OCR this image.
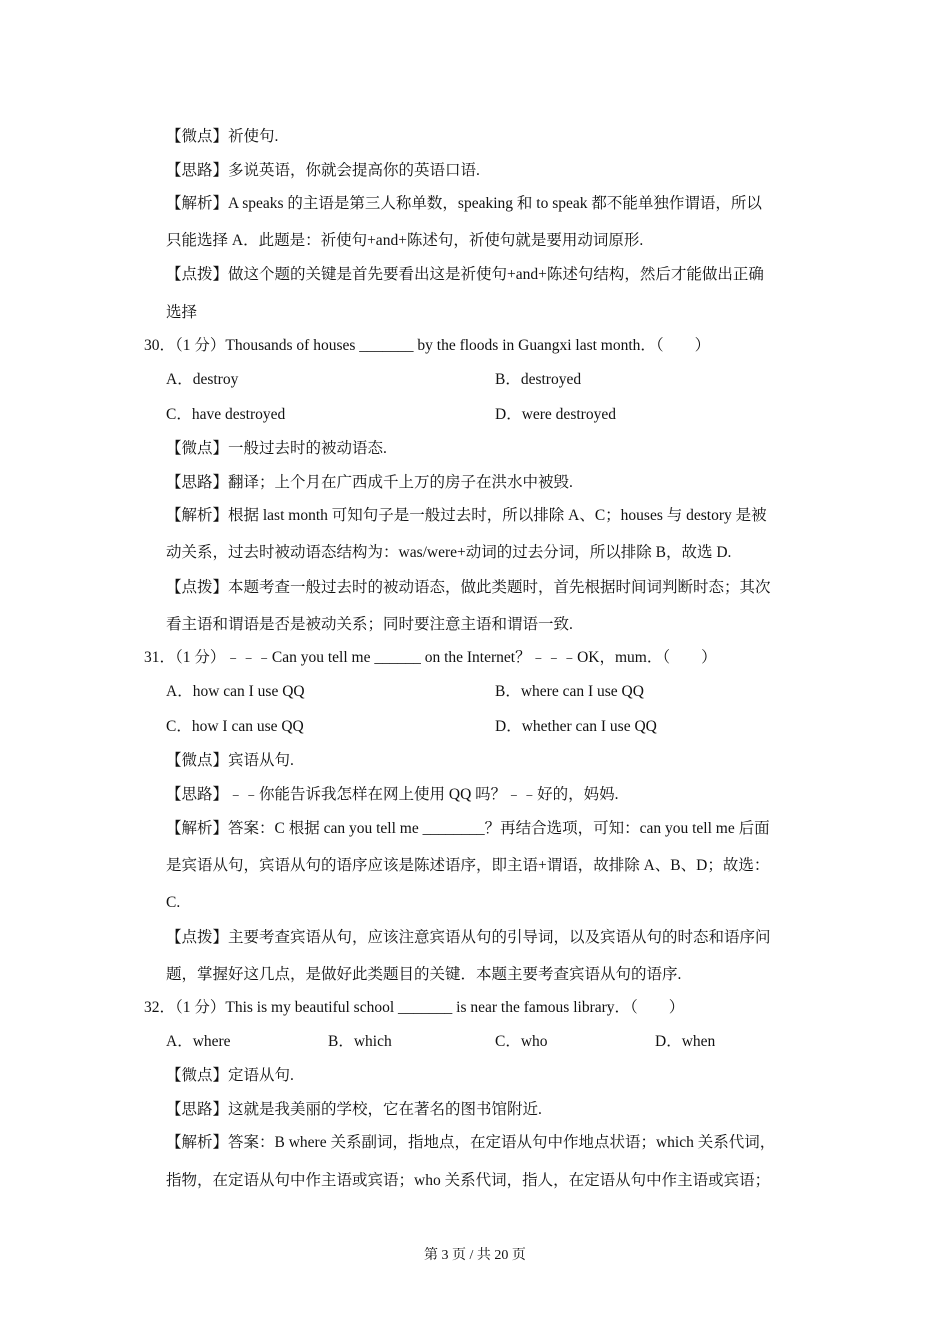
【微点】祈使句.
【思路】多说英语，你就会提高你的英语口语.
【解析】A speaks 的主语是第三人称单数，speaking 和 to speak 都不能单独作谓语，所以
只能选择 A．此题是：祈使句+and+陈述句，祈使句就是要用动词原形.
【点拨】做这个题的关键是首先要看出这是祈使句+and+陈述句结构，然后才能做出正确
选择
30．（1 分）Thousands of houses _______ by the floods in Guangxi last month．（　　）
A．destroy	B．destroyed
C．have destroyed	D．were destroyed
【微点】一般过去时的被动语态.
【思路】翻译；上个月在广西成千上万的房子在洪水中被毁.
【解析】根据 last month 可知句子是一般过去时，所以排除 A、C；houses 与 destory 是被
动关系，过去时被动语态结构为：was/were+动词的过去分词，所以排除 B，故选 D.
【点拨】本题考查一般过去时的被动语态，做此类题时，首先根据时间词判断时态；其次
看主语和谓语是否是被动关系；同时要注意主语和谓语一致.
31．（1 分）﹣﹣﹣Can you tell me ______ on the Internet？﹣﹣﹣OK，mum．（　　）
A．how can I use QQ	B．where can I use QQ
C．how I can use QQ	D．whether can I use QQ
【微点】宾语从句.
【思路】﹣﹣你能告诉我怎样在网上使用 QQ 吗？﹣﹣好的，妈妈.
【解析】答案：C 根据 can you tell me ________？再结合选项，可知：can you tell me 后面
是宾语从句，宾语从句的语序应该是陈述语序，即主语+谓语，故排除 A、B、D；故选：
C.
【点拨】主要考查宾语从句，应该注意宾语从句的引导词，以及宾语从句的时态和语序问
题，掌握好这几点，是做好此类题目的关键．本题主要考查宾语从句的语序.
32．（1 分）This is my beautiful school _______ is near the famous library．（　　）
A．where	B．which	C．who	D．when
【微点】定语从句.
【思路】这就是我美丽的学校，它在著名的图书馆附近.
【解析】答案：B where 关系副词，指地点，在定语从句中作地点状语；which 关系代词，
指物，在定语从句中作主语或宾语；who 关系代词，指人，在定语从句中作主语或宾语；
第 3 页 / 共 20 页
